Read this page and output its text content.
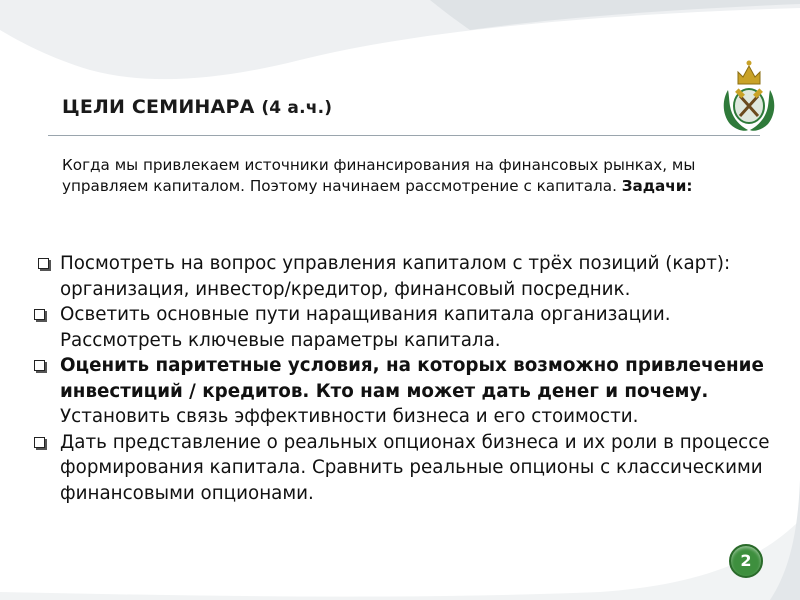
ЦЕЛИ СЕМИНАРА (4 а.ч.)
Когда мы привлекаем источники финансирования на финансовых рынках, мы управляем капиталом. Поэтому начинаем рассмотрение с капитала. Задачи:
Посмотреть на вопрос управления капиталом с трёх позиций (карт): организация, инвестор/кредитор, финансовый посредник.
Осветить основные пути наращивания капитала организации. Рассмотреть ключевые параметры капитала.
Оценить паритетные условия, на которых возможно привлечение инвестиций / кредитов. Кто нам может дать денег и почему. Установить связь эффективности бизнеса и его стоимости.
Дать представление о реальных опционах бизнеса и их роли в процессе формирования капитала. Сравнить реальные опционы с классическими финансовыми опционами.
2
